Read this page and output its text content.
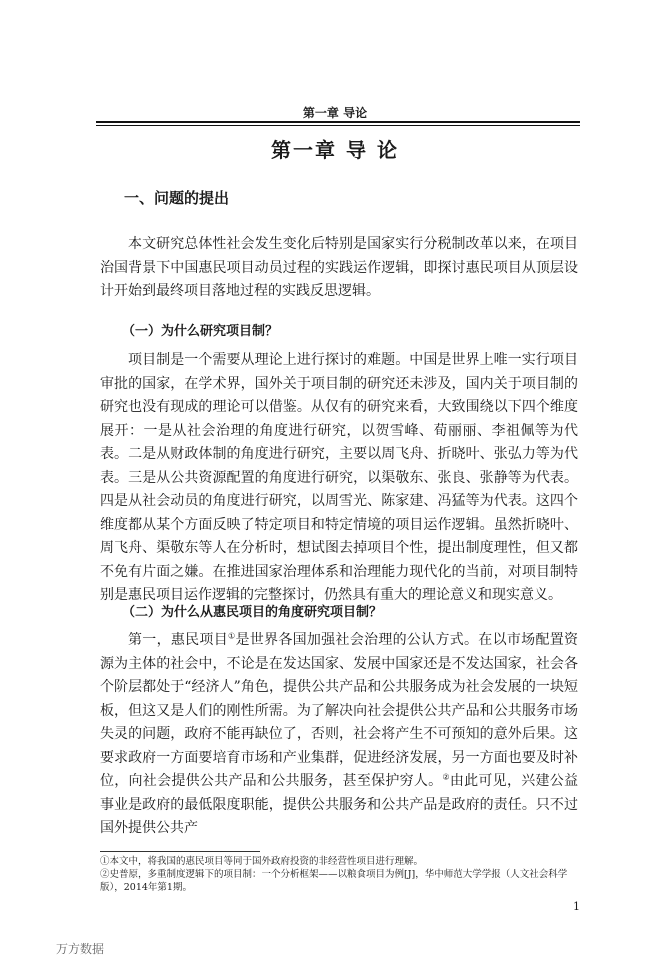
第一章 导论
第一章 导 论
一、问题的提出

本文研究总体性社会发生变化后特别是国家实行分税制改革以来，在项目治国背景下中国惠民项目动员过程的实践运作逻辑，即探讨惠民项目从顶层设计开始到最终项目落地过程的实践反思逻辑。

（一）为什么研究项目制？

项目制是一个需要从理论上进行探讨的难题。中国是世界上唯一实行项目审批的国家，在学术界，国外关于项目制的研究还未涉及，国内关于项目制的研究也没有现成的理论可以借鉴。从仅有的研究来看，大致围绕以下四个维度展开：一是从社会治理的角度进行研究，以贺雪峰、荀丽丽、李祖佩等为代表。二是从财政体制的角度进行研究，主要以周飞舟、折晓叶、张弘力等为代表。三是从公共资源配置的角度进行研究，以渠敬东、张良、张静等为代表。四是从社会动员的角度进行研究，以周雪光、陈家建、冯猛等为代表。这四个维度都从某个方面反映了特定项目和特定情境的项目运作逻辑。虽然折晓叶、周飞舟、渠敬东等人在分析时，想试图去掉项目个性，提出制度理性，但又都不免有片面之嫌。在推进国家治理体系和治理能力现代化的当前，对项目制特别是惠民项目运作逻辑的完整探讨，仍然具有重大的理论意义和现实意义。

（二）为什么从惠民项目的角度研究项目制？

第一，惠民项目①是世界各国加强社会治理的公认方式。在以市场配置资源为主体的社会中，不论是在发达国家、发展中国家还是不发达国家，社会各个阶层都处于“经济人”角色，提供公共产品和公共服务成为社会发展的一块短板，但这又是人们的刚性所需。为了解决向社会提供公共产品和公共服务市场失灵的问题，政府不能再缺位了，否则，社会将产生不可预知的意外后果。这要求政府一方面要培育市场和产业集群，促进经济发展，另一方面也要及时补位，向社会提供公共产品和公共服务，甚至保护穷人。②由此可见，兴建公益事业是政府的最低限度职能，提供公共服务和公共产品是政府的责任。只不过国外提供公共产

①本文中，将我国的惠民项目等同于国外政府投资的非经营性项目进行理解。
②史普原，多重制度逻辑下的项目制：一个分析框架——以粮食项目为例[J]，华中师范大学学报（人文社会科学版），2014年第1期。
1
万方数据
